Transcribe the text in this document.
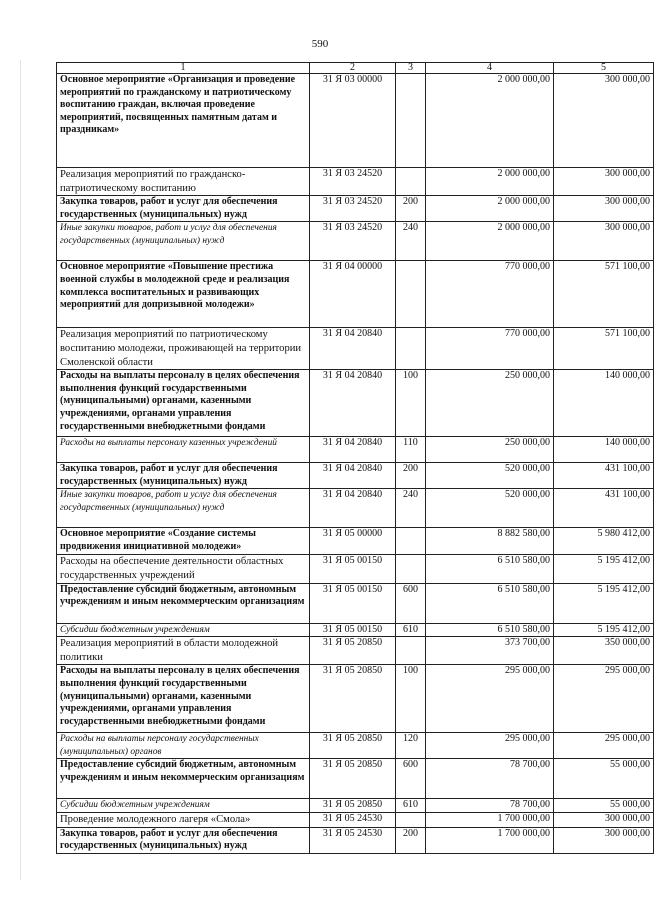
590
1	2	3	4	5
Основное мероприятие «Организация и проведение мероприятий по гражданскому и патриотическому воспитанию граждан, включая проведение мероприятий, посвященных памятным датам и праздникам»	31 Я 03 00000		2 000 000,00	300 000,00
Реализация мероприятий по гражданско-патриотическому воспитанию	31 Я 03 24520		2 000 000,00	300 000,00
Закупка товаров, работ и услуг для обеспечения государственных (муниципальных) нужд	31 Я 03 24520	200	2 000 000,00	300 000,00
Иные закупки товаров, работ и услуг для обеспечения государственных (муниципальных) нужд	31 Я 03 24520	240	2 000 000,00	300 000,00
Основное мероприятие «Повышение престижа военной службы в молодежной среде и реализация комплекса воспитательных и развивающих мероприятий для допризывной молодежи»	31 Я 04 00000		770 000,00	571 100,00
Реализация мероприятий по патриотическому воспитанию молодежи, проживающей на территории Смоленской области	31 Я 04 20840		770 000,00	571 100,00
Расходы на выплаты персоналу в целях обеспечения выполнения функций государственными (муниципальными) органами, казенными учреждениями, органами управления государственными внебюджетными фондами	31 Я 04 20840	100	250 000,00	140 000,00
Расходы на выплаты персоналу казенных учреждений	31 Я 04 20840	110	250 000,00	140 000,00
Закупка товаров, работ и услуг для обеспечения государственных (муниципальных) нужд	31 Я 04 20840	200	520 000,00	431 100,00
Иные закупки товаров, работ и услуг для обеспечения государственных (муниципальных) нужд	31 Я 04 20840	240	520 000,00	431 100,00
Основное мероприятие «Создание системы продвижения инициативной молодежи»	31 Я 05 00000		8 882 580,00	5 980 412,00
Расходы на обеспечение деятельности областных государственных учреждений	31 Я 05 00150		6 510 580,00	5 195 412,00
Предоставление субсидий бюджетным, автономным учреждениям и иным некоммерческим организациям	31 Я 05 00150	600	6 510 580,00	5 195 412,00
Субсидии бюджетным учреждениям	31 Я 05 00150	610	6 510 580,00	5 195 412,00
Реализация мероприятий в области молодежной политики	31 Я 05 20850		373 700,00	350 000,00
Расходы на выплаты персоналу в целях обеспечения выполнения функций государственными (муниципальными) органами, казенными учреждениями, органами управления государственными внебюджетными фондами	31 Я 05 20850	100	295 000,00	295 000,00
Расходы на выплаты персоналу государственных (муниципальных) органов	31 Я 05 20850	120	295 000,00	295 000,00
Предоставление субсидий бюджетным, автономным учреждениям и иным некоммерческим организациям	31 Я 05 20850	600	78 700,00	55 000,00
Субсидии бюджетным учреждениям	31 Я 05 20850	610	78 700,00	55 000,00
Проведение молодежного лагеря «Смола»	31 Я 05 24530		1 700 000,00	300 000,00
Закупка товаров, работ и услуг для обеспечения государственных (муниципальных) нужд	31 Я 05 24530	200	1 700 000,00	300 000,00
